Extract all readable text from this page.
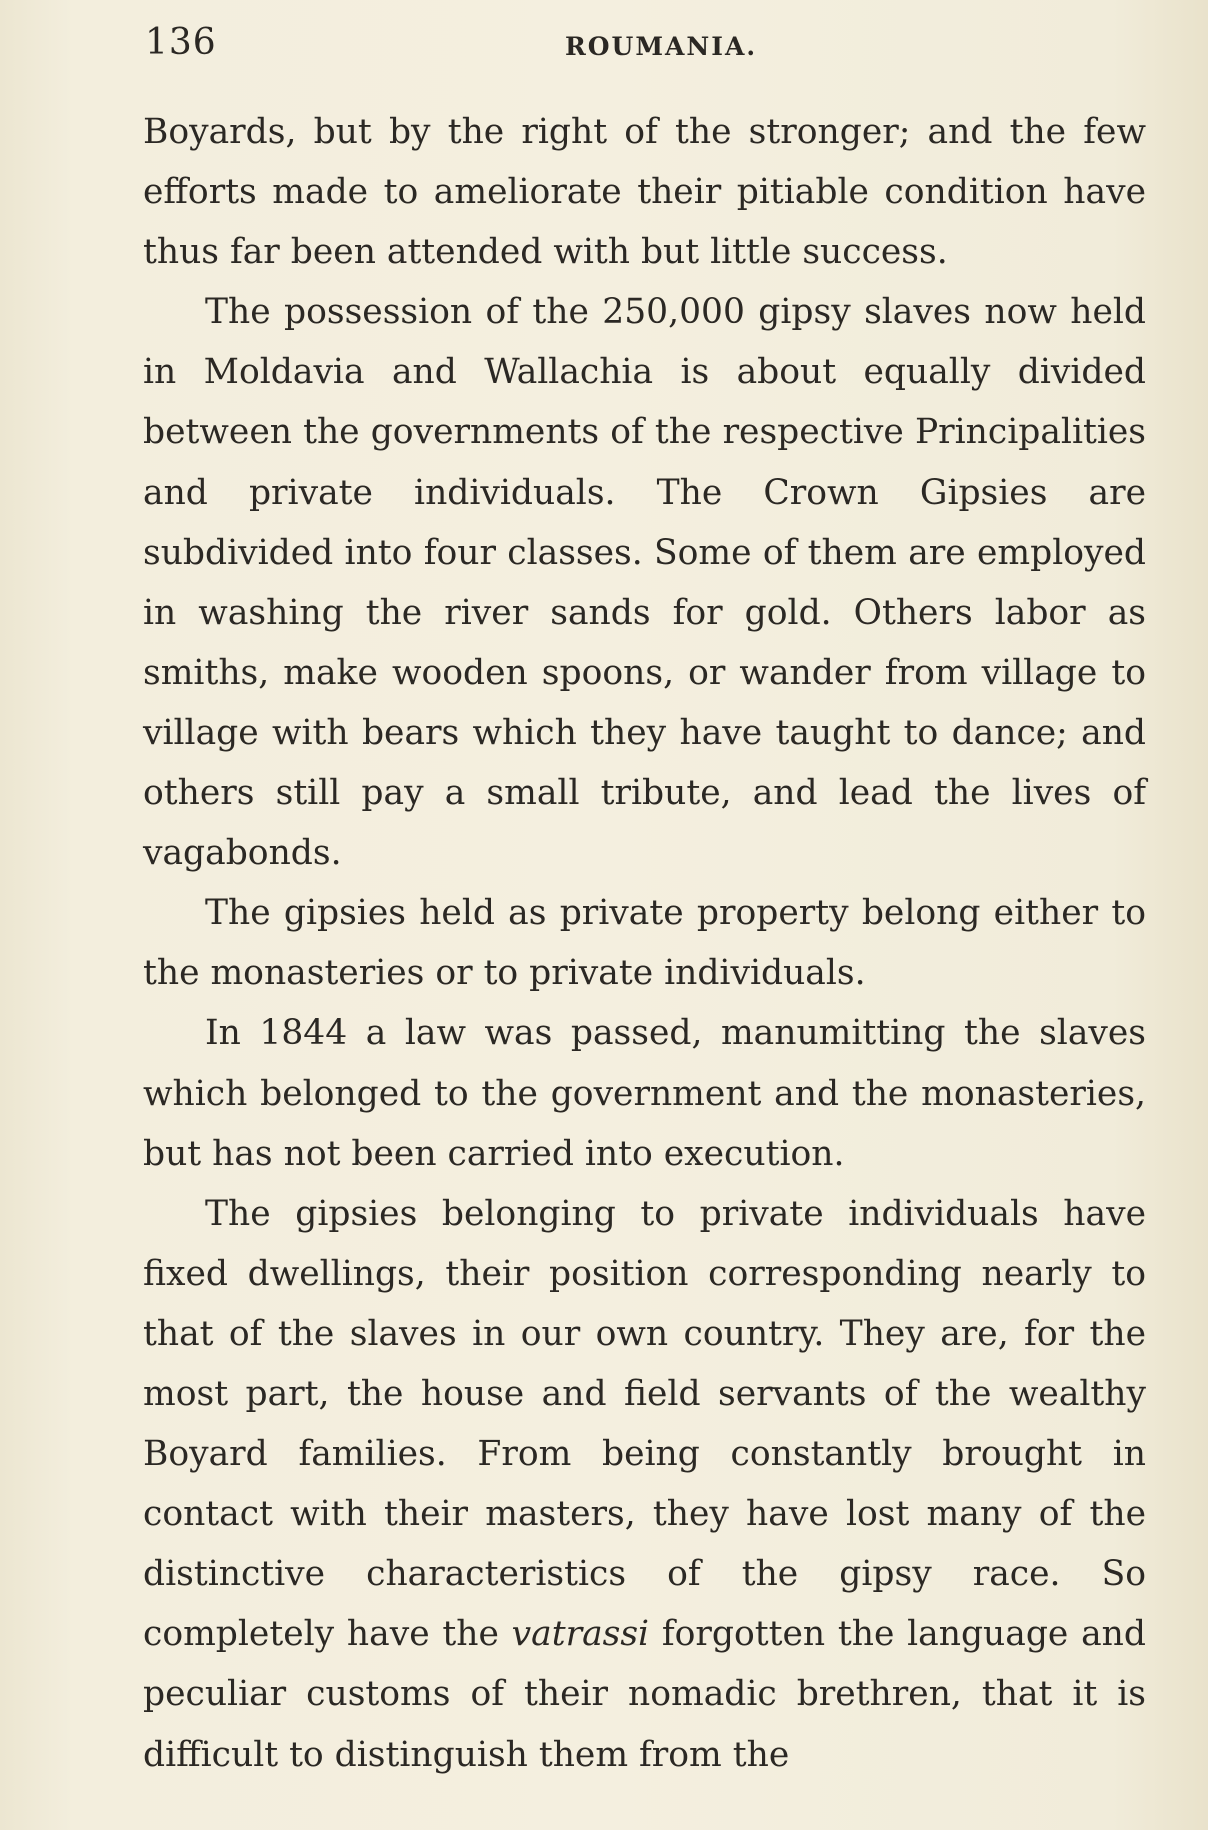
136	ROUMANIA.

Boyards, but by the right of the stronger; and the few efforts made to ameliorate their pitiable condition have thus far been attended with but little success.

The possession of the 250,000 gipsy slaves now held in Moldavia and Wallachia is about equally divided between the governments of the respective Principalities and private individuals. The Crown Gipsies are subdivided into four classes. Some of them are employed in washing the river sands for gold. Others labor as smiths, make wooden spoons, or wander from village to village with bears which they have taught to dance; and others still pay a small tribute, and lead the lives of vagabonds.

The gipsies held as private property belong either to the monasteries or to private individuals.

In 1844 a law was passed, manumitting the slaves which belonged to the government and the monasteries, but has not been carried into execution.

The gipsies belonging to private individuals have fixed dwellings, their position corresponding nearly to that of the slaves in our own country. They are, for the most part, the house and field servants of the wealthy Boyard families. From being constantly brought in contact with their masters, they have lost many of the distinctive characteristics of the gipsy race. So completely have the vatrassi forgotten the language and peculiar customs of their nomadic brethren, that it is difficult to distinguish them from the
